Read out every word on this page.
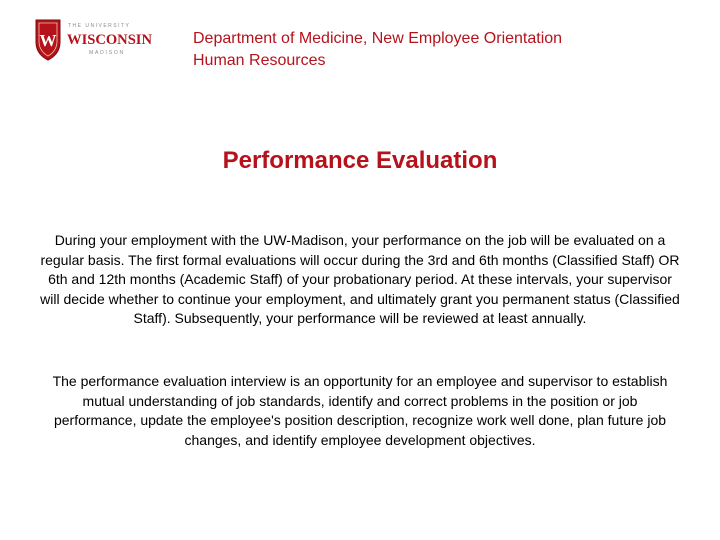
W
THE UNIVERSITY
WISCONSIN
MADISON
Department of Medicine, New Employee Orientation
Human Resources
Performance Evaluation

During your employment with the UW-Madison, your performance on the job will be evaluated on a regular basis. The first formal evaluations will occur during the 3rd and 6th months (Classified Staff) OR 6th and 12th months (Academic Staff) of your probationary period. At these intervals, your supervisor will decide whether to continue your employment, and ultimately grant you permanent status (Classified Staff). Subsequently, your performance will be reviewed at least annually.

The performance evaluation interview is an opportunity for an employee and supervisor to establish mutual understanding of job standards, identify and correct problems in the position or job performance, update the employee's position description, recognize work well done, plan future job changes, and identify employee development objectives.
